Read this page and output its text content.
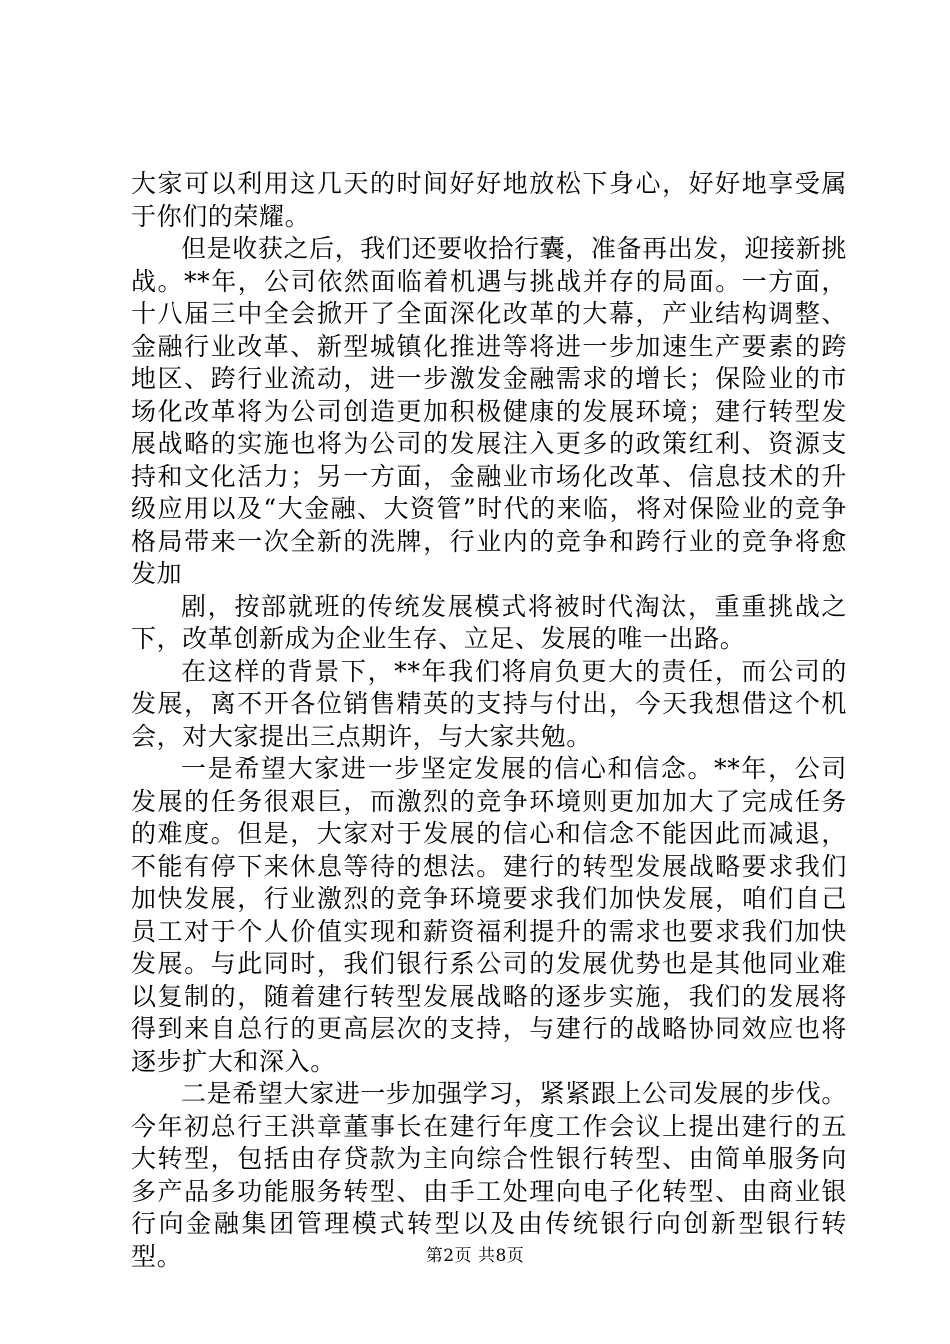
大家可以利用这几天的时间好好地放松下身心，好好地享受属于你们的荣耀。

但是收获之后，我们还要收拾行囊，准备再出发，迎接新挑战。**年，公司依然面临着机遇与挑战并存的局面。一方面，十八届三中全会掀开了全面深化改革的大幕，产业结构调整、金融行业改革、新型城镇化推进等将进一步加速生产要素的跨地区、跨行业流动，进一步激发金融需求的增长；保险业的市场化改革将为公司创造更加积极健康的发展环境；建行转型发展战略的实施也将为公司的发展注入更多的政策红利、资源支持和文化活力；另一方面，金融业市场化改革、信息技术的升级应用以及“大金融、大资管”时代的来临，将对保险业的竞争格局带来一次全新的洗牌，行业内的竞争和跨行业的竞争将愈发加

剧，按部就班的传统发展模式将被时代淘汰，重重挑战之下，改革创新成为企业生存、立足、发展的唯一出路。

在这样的背景下，**年我们将肩负更大的责任，而公司的发展，离不开各位销售精英的支持与付出，今天我想借这个机会，对大家提出三点期许，与大家共勉。

一是希望大家进一步坚定发展的信心和信念。**年，公司发展的任务很艰巨，而激烈的竞争环境则更加加大了完成任务的难度。但是，大家对于发展的信心和信念不能因此而减退，不能有停下来休息等待的想法。建行的转型发展战略要求我们加快发展，行业激烈的竞争环境要求我们加快发展，咱们自己员工对于个人价值实现和薪资福利提升的需求也要求我们加快发展。与此同时，我们银行系公司的发展优势也是其他同业难以复制的，随着建行转型发展战略的逐步实施，我们的发展将得到来自总行的更高层次的支持，与建行的战略协同效应也将逐步扩大和深入。

二是希望大家进一步加强学习，紧紧跟上公司发展的步伐。今年初总行王洪章董事长在建行年度工作会议上提出建行的五大转型，包括由存贷款为主向综合性银行转型、由简单服务向多产品多功能服务转型、由手工处理向电子化转型、由商业银行向金融集团管理模式转型以及由传统银行向创新型银行转型。	第2页 共8页
